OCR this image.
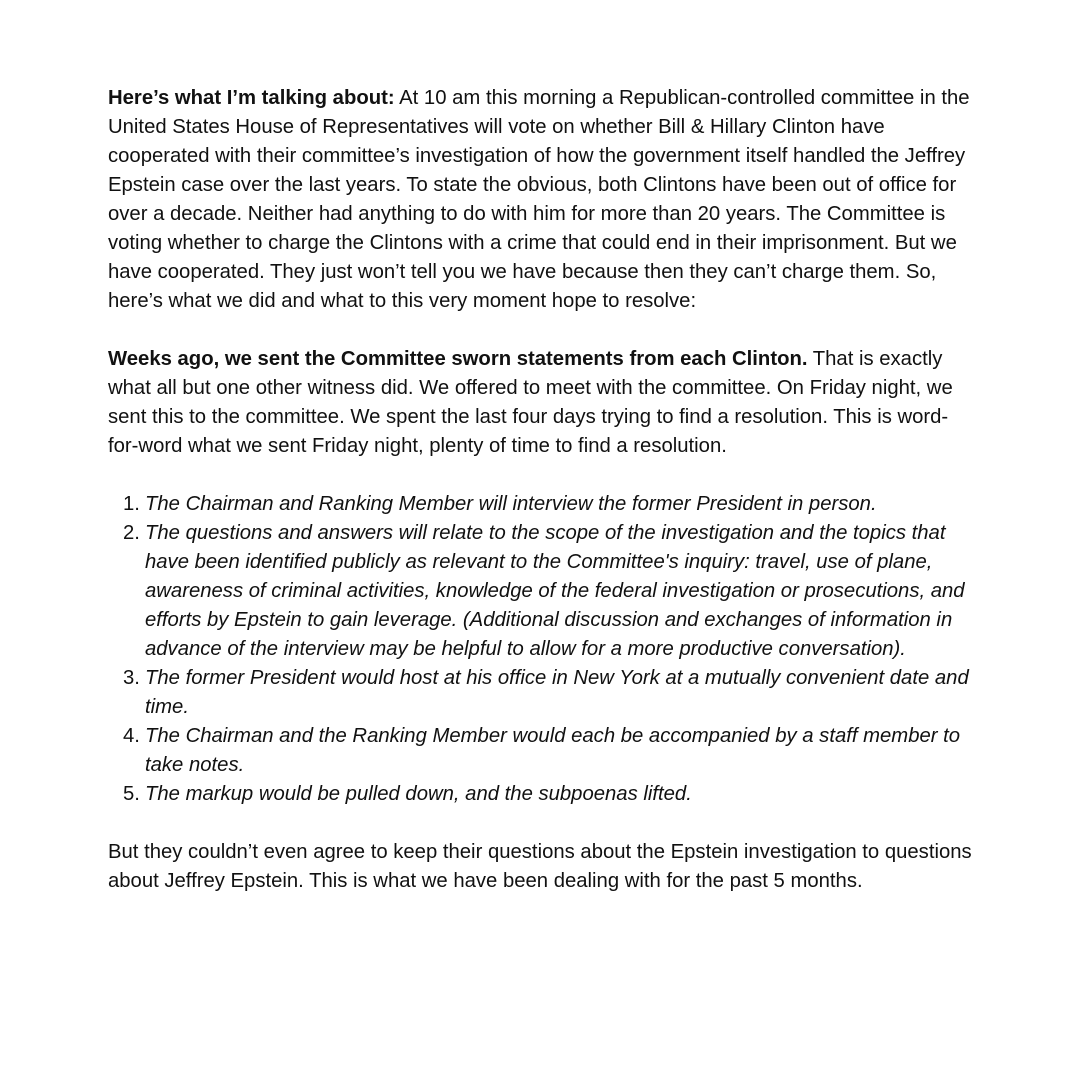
Here’s what I’m talking about: At 10 am this morning a Republican-controlled committee in the United States House of Representatives will vote on whether Bill & Hillary Clinton have cooperated with their committee’s investigation of how the government itself handled the Jeffrey Epstein case over the last years. To state the obvious, both Clintons have been out of office for over a decade. Neither had anything to do with him for more than 20 years. The Committee is voting whether to charge the Clintons with a crime that could end in their imprisonment. But we have cooperated. They just won’t tell you we have because then they can’t charge them. So, here’s what we did and what to this very moment hope to resolve:

Weeks ago, we sent the Committee sworn statements from each Clinton. That is exactly what all but one other witness did. We offered to meet with the committee. On Friday night, we sent this to the committee. We spent the last four days trying to find a resolution. This is word-for-word what we sent Friday night, plenty of time to find a resolution.

1. The Chairman and Ranking Member will interview the former President in person.
2. The questions and answers will relate to the scope of the investigation and the topics that have been identified publicly as relevant to the Committee's inquiry: travel, use of plane, awareness of criminal activities, knowledge of the federal investigation or prosecutions, and efforts by Epstein to gain leverage. (Additional discussion and exchanges of information in advance of the interview may be helpful to allow for a more productive conversation).
3. The former President would host at his office in New York at a mutually convenient date and time.
4. The Chairman and the Ranking Member would each be accompanied by a staff member to take notes.
5. The markup would be pulled down, and the subpoenas lifted.

But they couldn’t even agree to keep their questions about the Epstein investigation to questions about Jeffrey Epstein. This is what we have been dealing with for the past 5 months.
